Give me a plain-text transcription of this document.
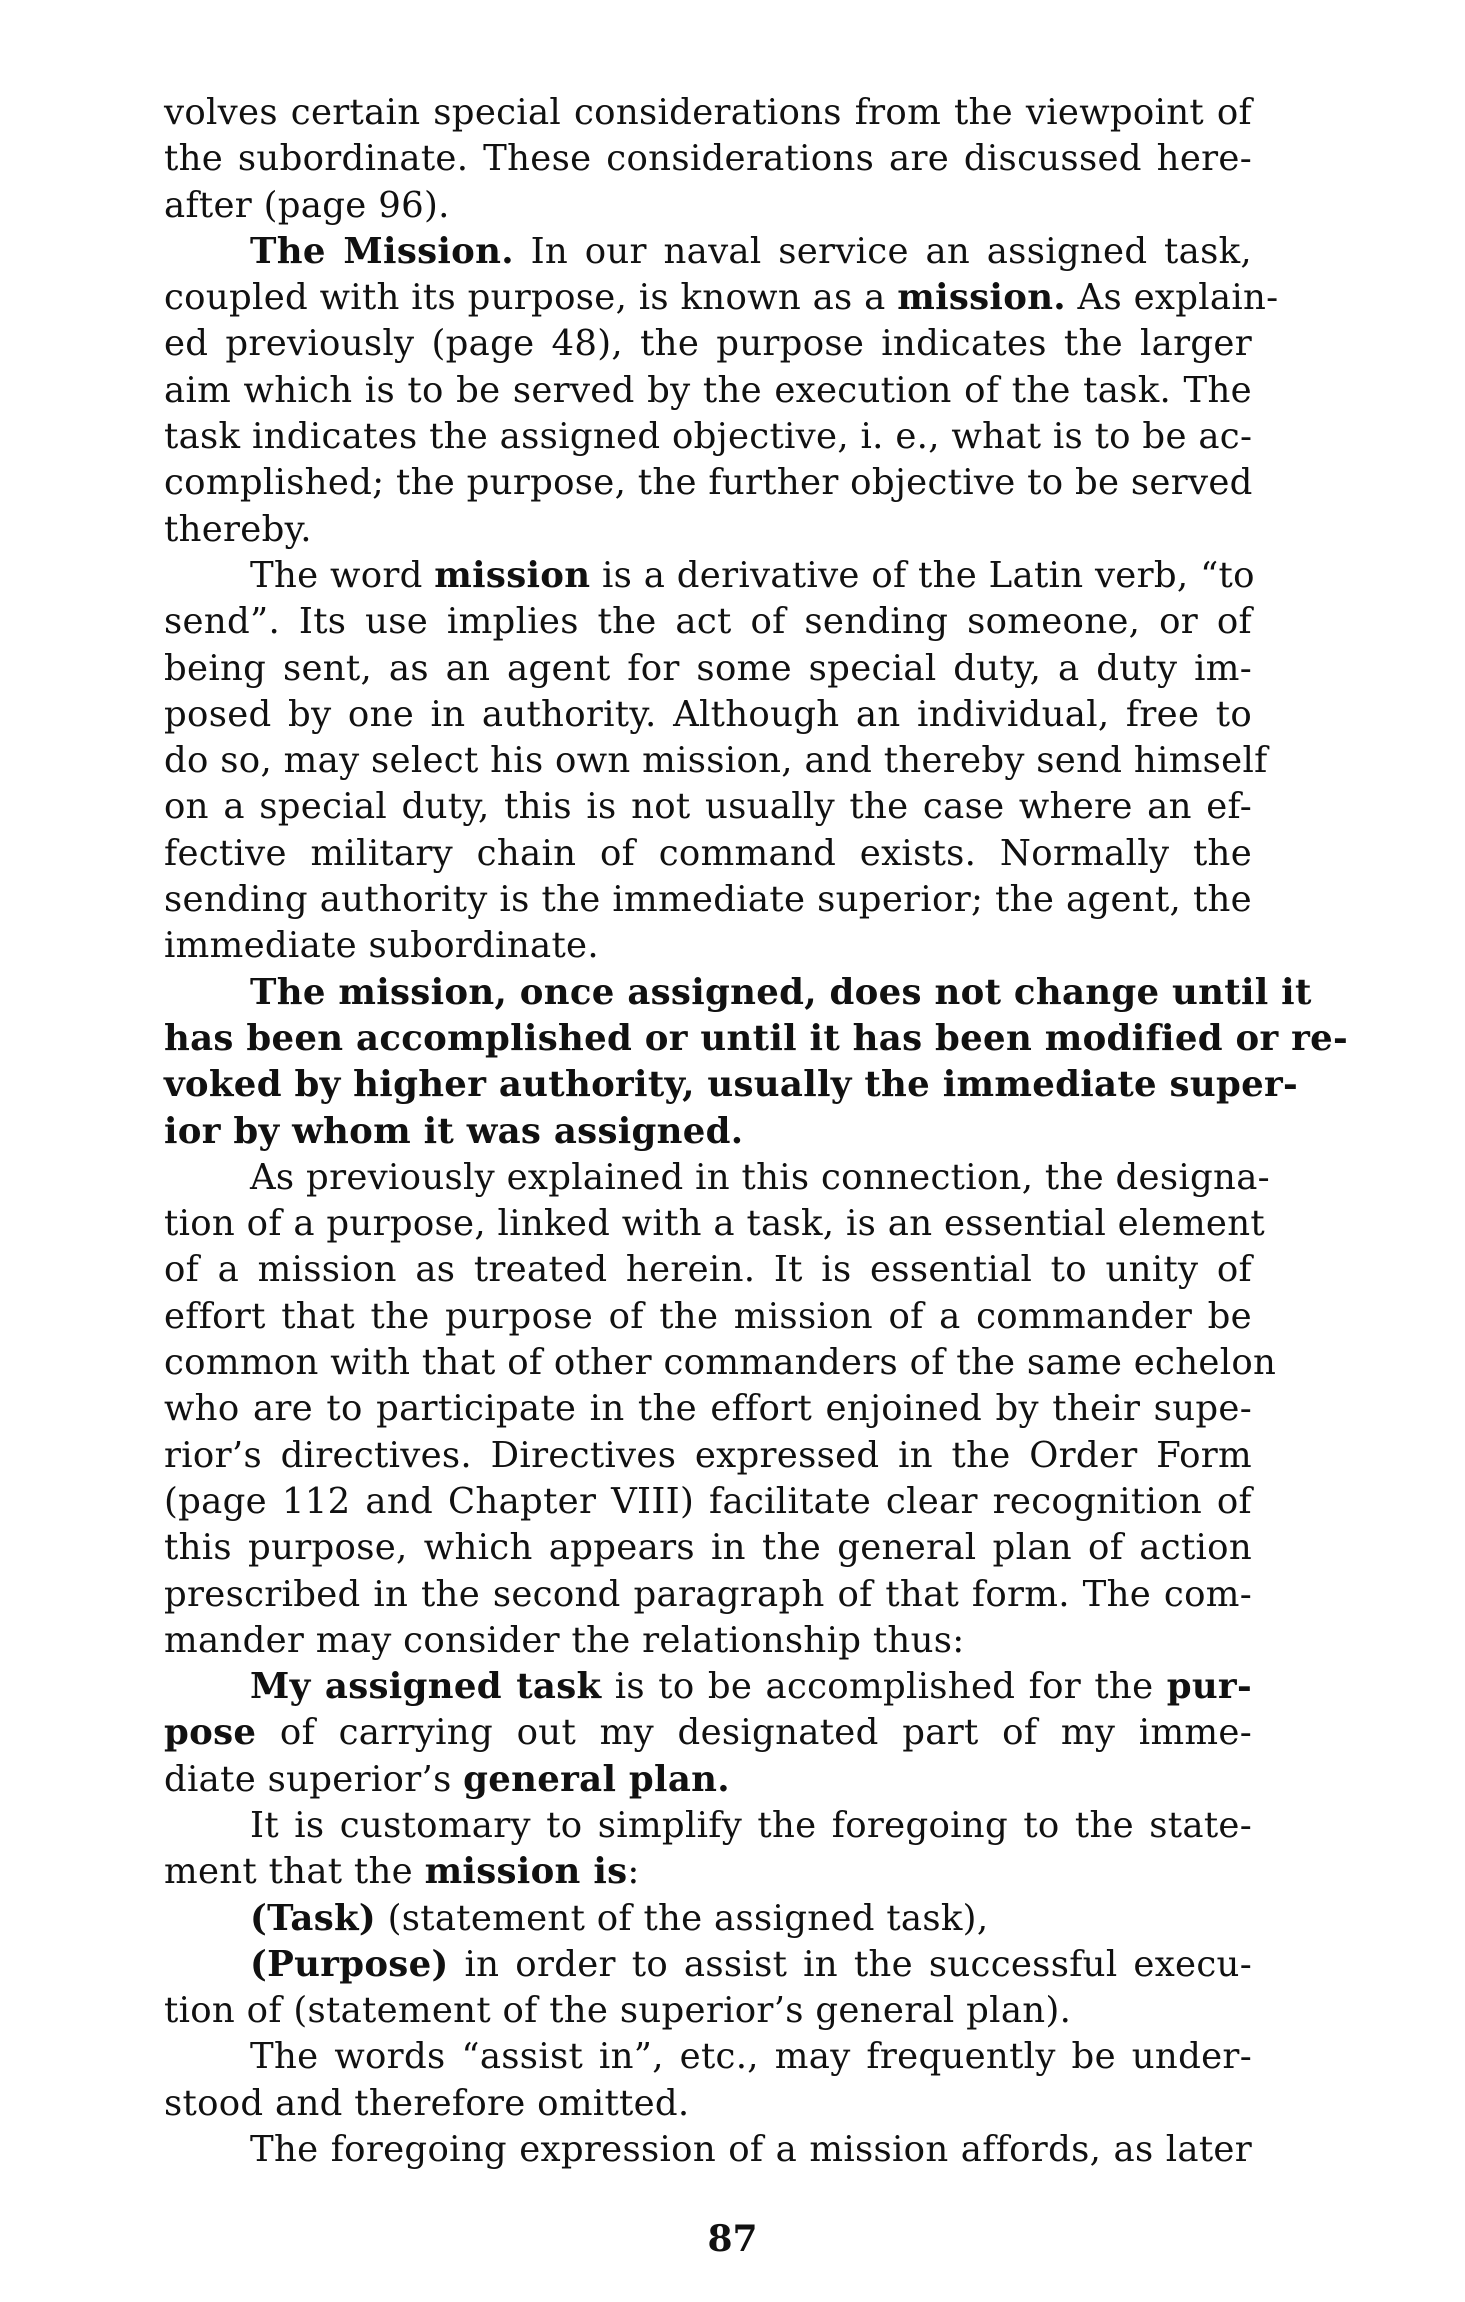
volves certain special considerations from the viewpoint of
the subordinate. These considerations are discussed here-
after (page 96).
The Mission. In our naval service an assigned task,
coupled with its purpose, is known as a mission. As explain-
ed previously (page 48), the purpose indicates the larger
aim which is to be served by the execution of the task. The
task indicates the assigned objective, i. e., what is to be ac-
complished; the purpose, the further objective to be served
thereby.
The word mission is a derivative of the Latin verb, “to
send”. Its use implies the act of sending someone, or of
being sent, as an agent for some special duty, a duty im-
posed by one in authority. Although an individual, free to
do so, may select his own mission, and thereby send himself
on a special duty, this is not usually the case where an ef-
fective military chain of command exists. Normally the
sending authority is the immediate superior; the agent, the
immediate subordinate.
The mission, once assigned, does not change until it
has been accomplished or until it has been modified or re-
voked by higher authority, usually the immediate super-
ior by whom it was assigned.
As previously explained in this connection, the designa-
tion of a purpose, linked with a task, is an essential element
of a mission as treated herein. It is essential to unity of
effort that the purpose of the mission of a commander be
common with that of other commanders of the same echelon
who are to participate in the effort enjoined by their supe-
rior’s directives. Directives expressed in the Order Form
(page 112 and Chapter VIII) facilitate clear recognition of
this purpose, which appears in the general plan of action
prescribed in the second paragraph of that form. The com-
mander may consider the relationship thus:
My assigned task is to be accomplished for the pur-
pose of carrying out my designated part of my imme-
diate superior’s general plan.
It is customary to simplify the foregoing to the state-
ment that the mission is:
(Task) (statement of the assigned task),
(Purpose) in order to assist in the successful execu-
tion of (statement of the superior’s general plan).
The words “assist in”, etc., may frequently be under-
stood and therefore omitted.
The foregoing expression of a mission affords, as later
87
